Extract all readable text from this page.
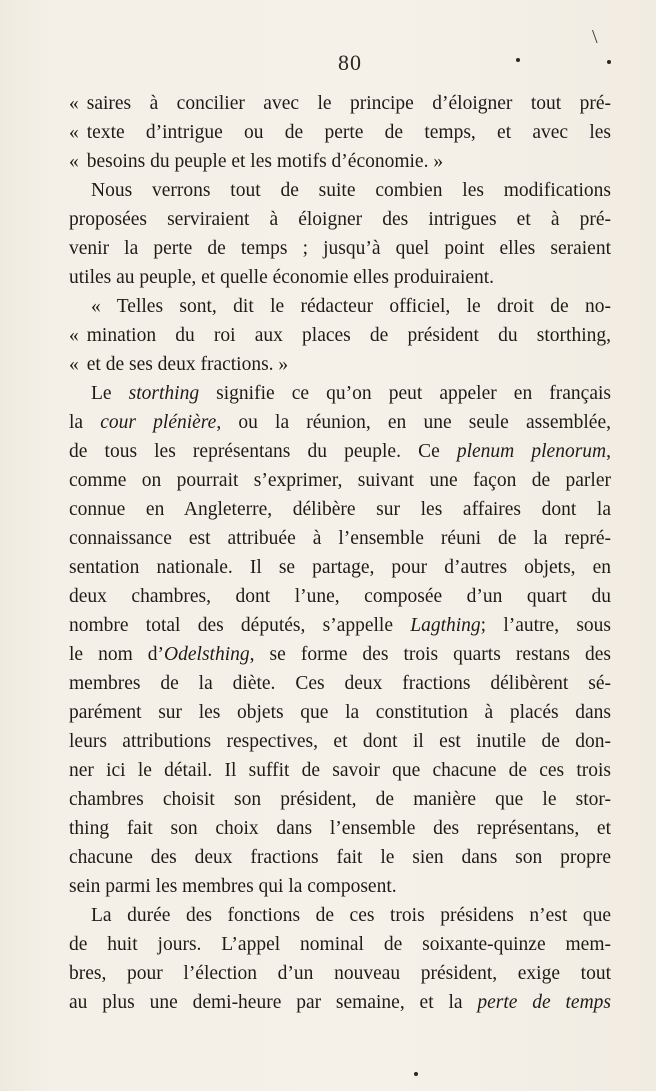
\
80
« saires à concilier avec le principe d’éloigner tout pré-
« texte d’intrigue ou de perte de temps, et avec les
« besoins du peuple et les motifs d’économie. »
Nous verrons tout de suite combien les modifications
proposées serviraient à éloigner des intrigues et à pré-
venir la perte de temps ; jusqu’à quel point elles seraient
utiles au peuple, et quelle économie elles produiraient.
« Telles sont, dit le rédacteur officiel, le droit de no-
« mination du roi aux places de président du storthing,
« et de ses deux fractions. »
Le storthing signifie ce qu’on peut appeler en français
la cour plénière, ou la réunion, en une seule assemblée,
de tous les représentans du peuple. Ce plenum plenorum,
comme on pourrait s’exprimer, suivant une façon de parler
connue en Angleterre, délibère sur les affaires dont la
connaissance est attribuée à l’ensemble réuni de la repré-
sentation nationale. Il se partage, pour d’autres objets, en
deux chambres, dont l’une, composée d’un quart du
nombre total des députés, s’appelle Lagthing; l’autre, sous
le nom d’Odelsthing, se forme des trois quarts restans des
membres de la diète. Ces deux fractions délibèrent sé-
parément sur les objets que la constitution à placés dans
leurs attributions respectives, et dont il est inutile de don-
ner ici le détail. Il suffit de savoir que chacune de ces trois
chambres choisit son président, de manière que le stor-
thing fait son choix dans l’ensemble des représentans, et
chacune des deux fractions fait le sien dans son propre
sein parmi les membres qui la composent.
La durée des fonctions de ces trois présidens n’est que
de huit jours. L’appel nominal de soixante-quinze mem-
bres, pour l’élection d’un nouveau président, exige tout
au plus une demi-heure par semaine, et la perte de temps
